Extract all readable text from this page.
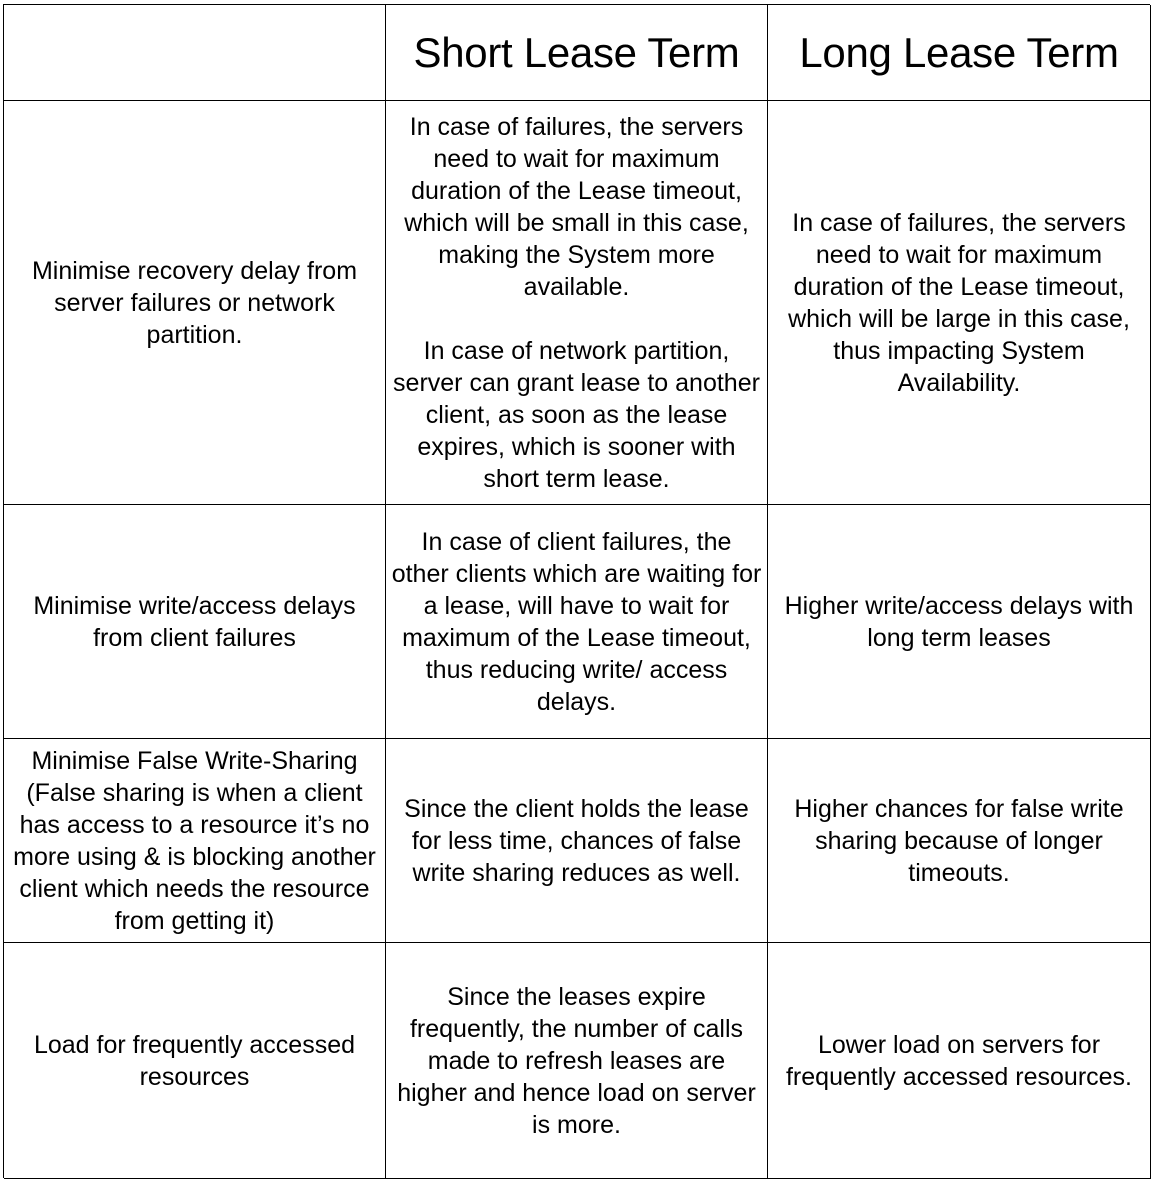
Short Lease Term Long Lease Term
Minimise recovery delay from server failures or network partition.
In case of failures, the servers need to wait for maximum duration of the Lease timeout, which will be small in this case, making the System more available.
In case of network partition, server can grant lease to another client, as soon as the lease expires, which is sooner with short term lease.
In case of failures, the servers need to wait for maximum duration of the Lease timeout, which will be large in this case, thus impacting System Availability.
Minimise write/access delays from client failures
In case of client failures, the other clients which are waiting for a lease, will have to wait for maximum of the Lease timeout, thus reducing write/ access delays.
Higher write/access delays with long term leases
Minimise False Write-Sharing (False sharing is when a client has access to a resource it’s no more using & is blocking another client which needs the resource from getting it)
Since the client holds the lease for less time, chances of false write sharing reduces as well.
Higher chances for false write sharing because of longer timeouts.
Load for frequently accessed resources
Since the leases expire frequently, the number of calls made to refresh leases are higher and hence load on server is more.
Lower load on servers for frequently accessed resources.
